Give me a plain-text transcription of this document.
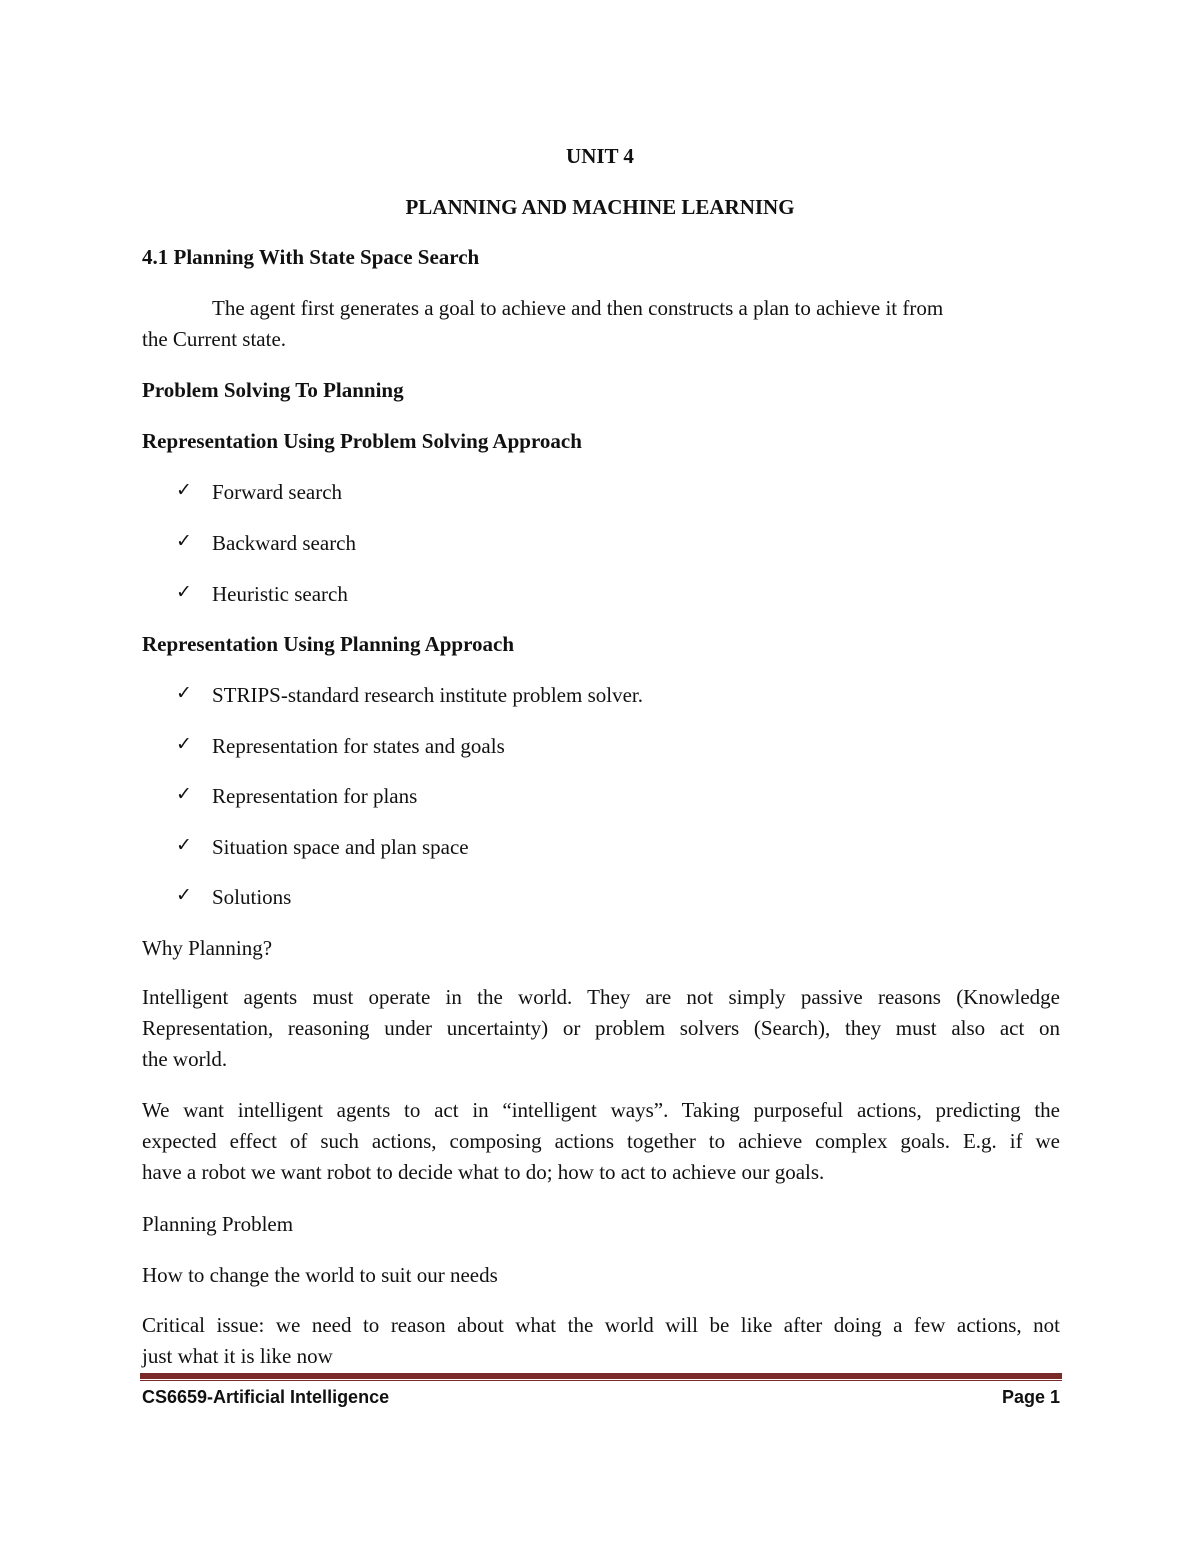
UNIT 4
PLANNING AND MACHINE LEARNING
4.1 Planning With State Space Search
The agent first generates a goal to achieve and then constructs a plan to achieve it from
the Current state.
Problem Solving To Planning
Representation Using Problem Solving Approach
✓ Forward search
✓ Backward search
✓ Heuristic search
Representation Using Planning Approach
✓ STRIPS-standard research institute problem solver.
✓ Representation for states and goals
✓ Representation for plans
✓ Situation space and plan space
✓ Solutions
Why Planning?
Intelligent agents must operate in the world. They are not simply passive reasons (Knowledge
Representation, reasoning under uncertainty) or problem solvers (Search), they must also act on
the world.
We want intelligent agents to act in “intelligent ways”. Taking purposeful actions, predicting the
expected effect of such actions, composing actions together to achieve complex goals. E.g. if we
have a robot we want robot to decide what to do; how to act to achieve our goals.
Planning Problem
How to change the world to suit our needs
Critical issue: we need to reason about what the world will be like after doing a few actions, not
just what it is like now
CS6659-Artificial Intelligence	Page 1
